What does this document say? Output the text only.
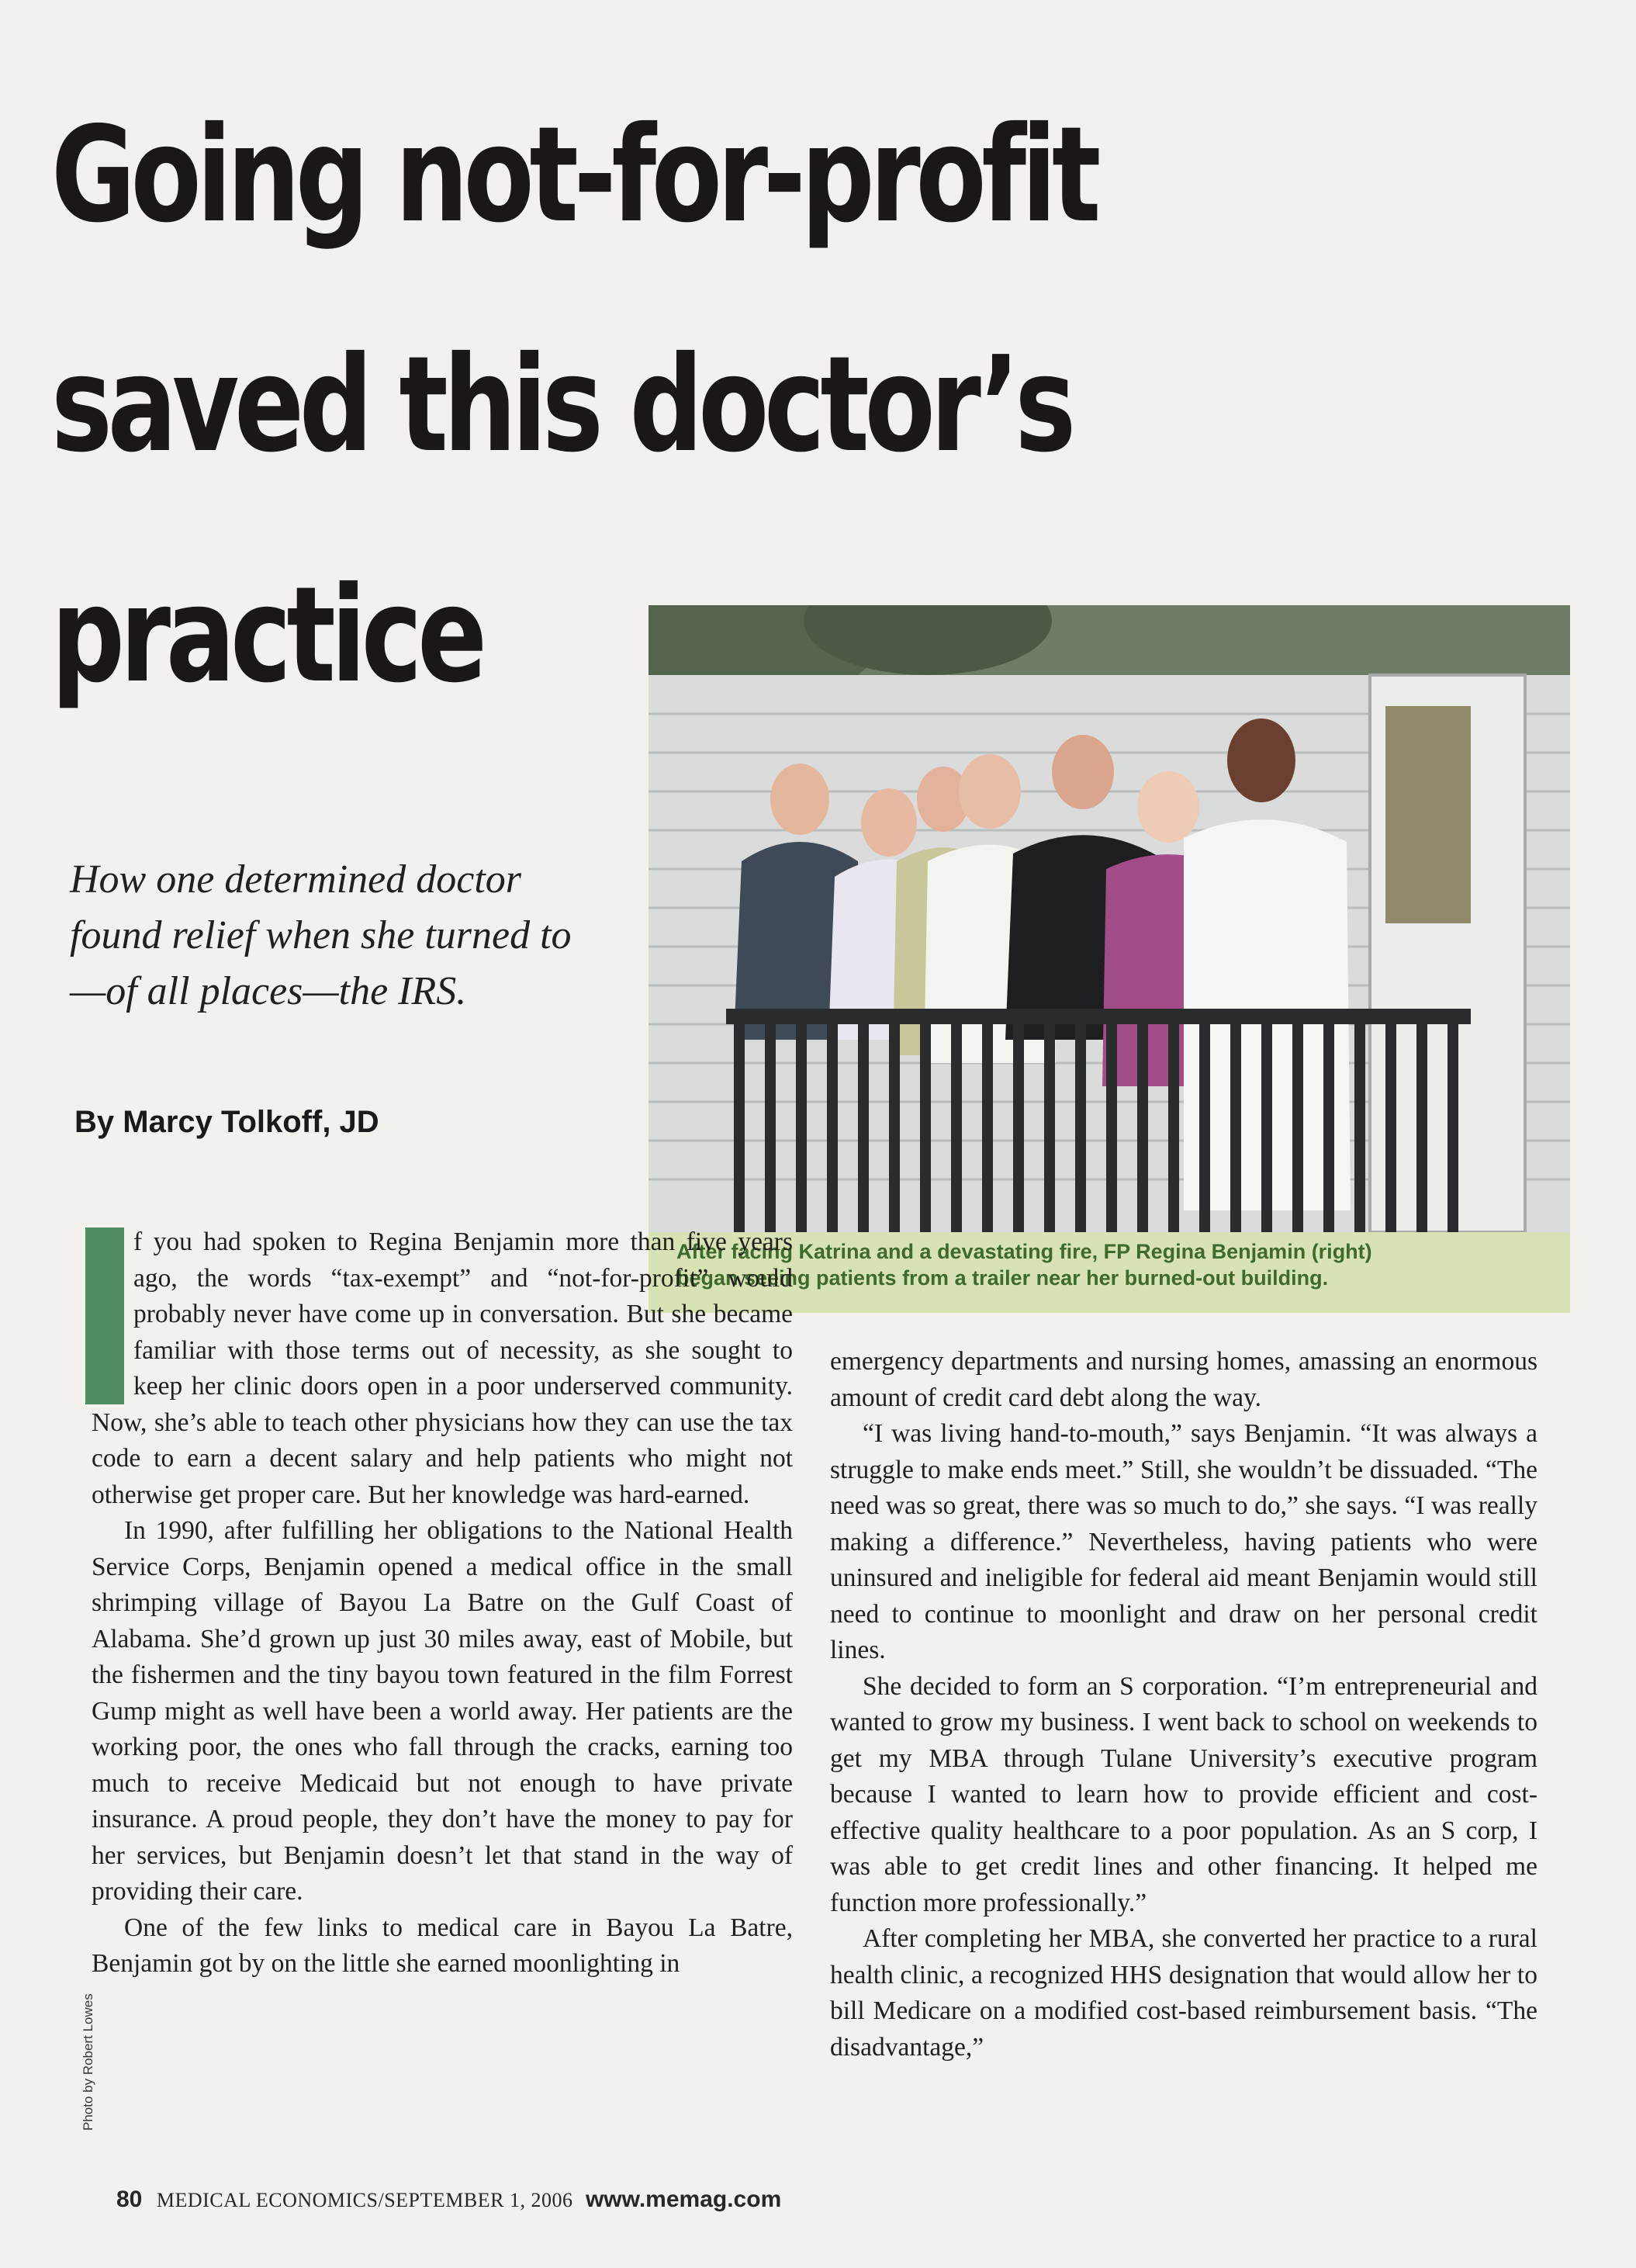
Going not-for-profit
saved this doctor’s
practice
How one determined doctor found relief when she turned to—of all places—the IRS.
By Marcy Tolkoff, JD

After facing Katrina and a devastating fire, FP Regina Benjamin (right)
began seeing patients from a trailer near her burned-out building.

f you had spoken to Regina Benjamin more than five years ago, the words “tax-exempt” and “not-for-profit” would probably never have come up in conversation. But she became familiar with those terms out of necessity, as she sought to keep her clinic doors open in a poor underserved community. Now, she’s able to teach other physicians how they can use the tax code to earn a decent salary and help patients who might not otherwise get proper care. But her knowledge was hard-earned.

In 1990, after fulfilling her obligations to the National Health Service Corps, Benjamin opened a medical office in the small shrimping village of Bayou La Batre on the Gulf Coast of Alabama. She’d grown up just 30 miles away, east of Mobile, but the fishermen and the tiny bayou town featured in the film Forrest Gump might as well have been a world away. Her patients are the working poor, the ones who fall through the cracks, earning too much to receive Medicaid but not enough to have private insurance. A proud people, they don’t have the money to pay for her services, but Benjamin doesn’t let that stand in the way of providing their care.

One of the few links to medical care in Bayou La Batre, Benjamin got by on the little she earned moonlighting in

emergency departments and nursing homes, amassing an enormous amount of credit card debt along the way.

“I was living hand-to-mouth,” says Benjamin. “It was always a struggle to make ends meet.” Still, she wouldn’t be dissuaded. “The need was so great, there was so much to do,” she says. “I was really making a difference.” Nevertheless, having patients who were uninsured and ineligible for federal aid meant Benjamin would still need to continue to moonlight and draw on her personal credit lines.

She decided to form an S corporation. “I’m entrepreneurial and wanted to grow my business. I went back to school on weekends to get my MBA through Tulane University’s executive program because I wanted to learn how to provide efficient and cost-effective quality healthcare to a poor population. As an S corp, I was able to get credit lines and other financing. It helped me function more professionally.”

After completing her MBA, she converted her practice to a rural health clinic, a recognized HHS designation that would allow her to bill Medicare on a modified cost-based reimbursement basis. “The disadvantage,”

Photo by Robert Lowes
80 MEDICAL ECONOMICS/SEPTEMBER 1, 2006 www.memag.com
